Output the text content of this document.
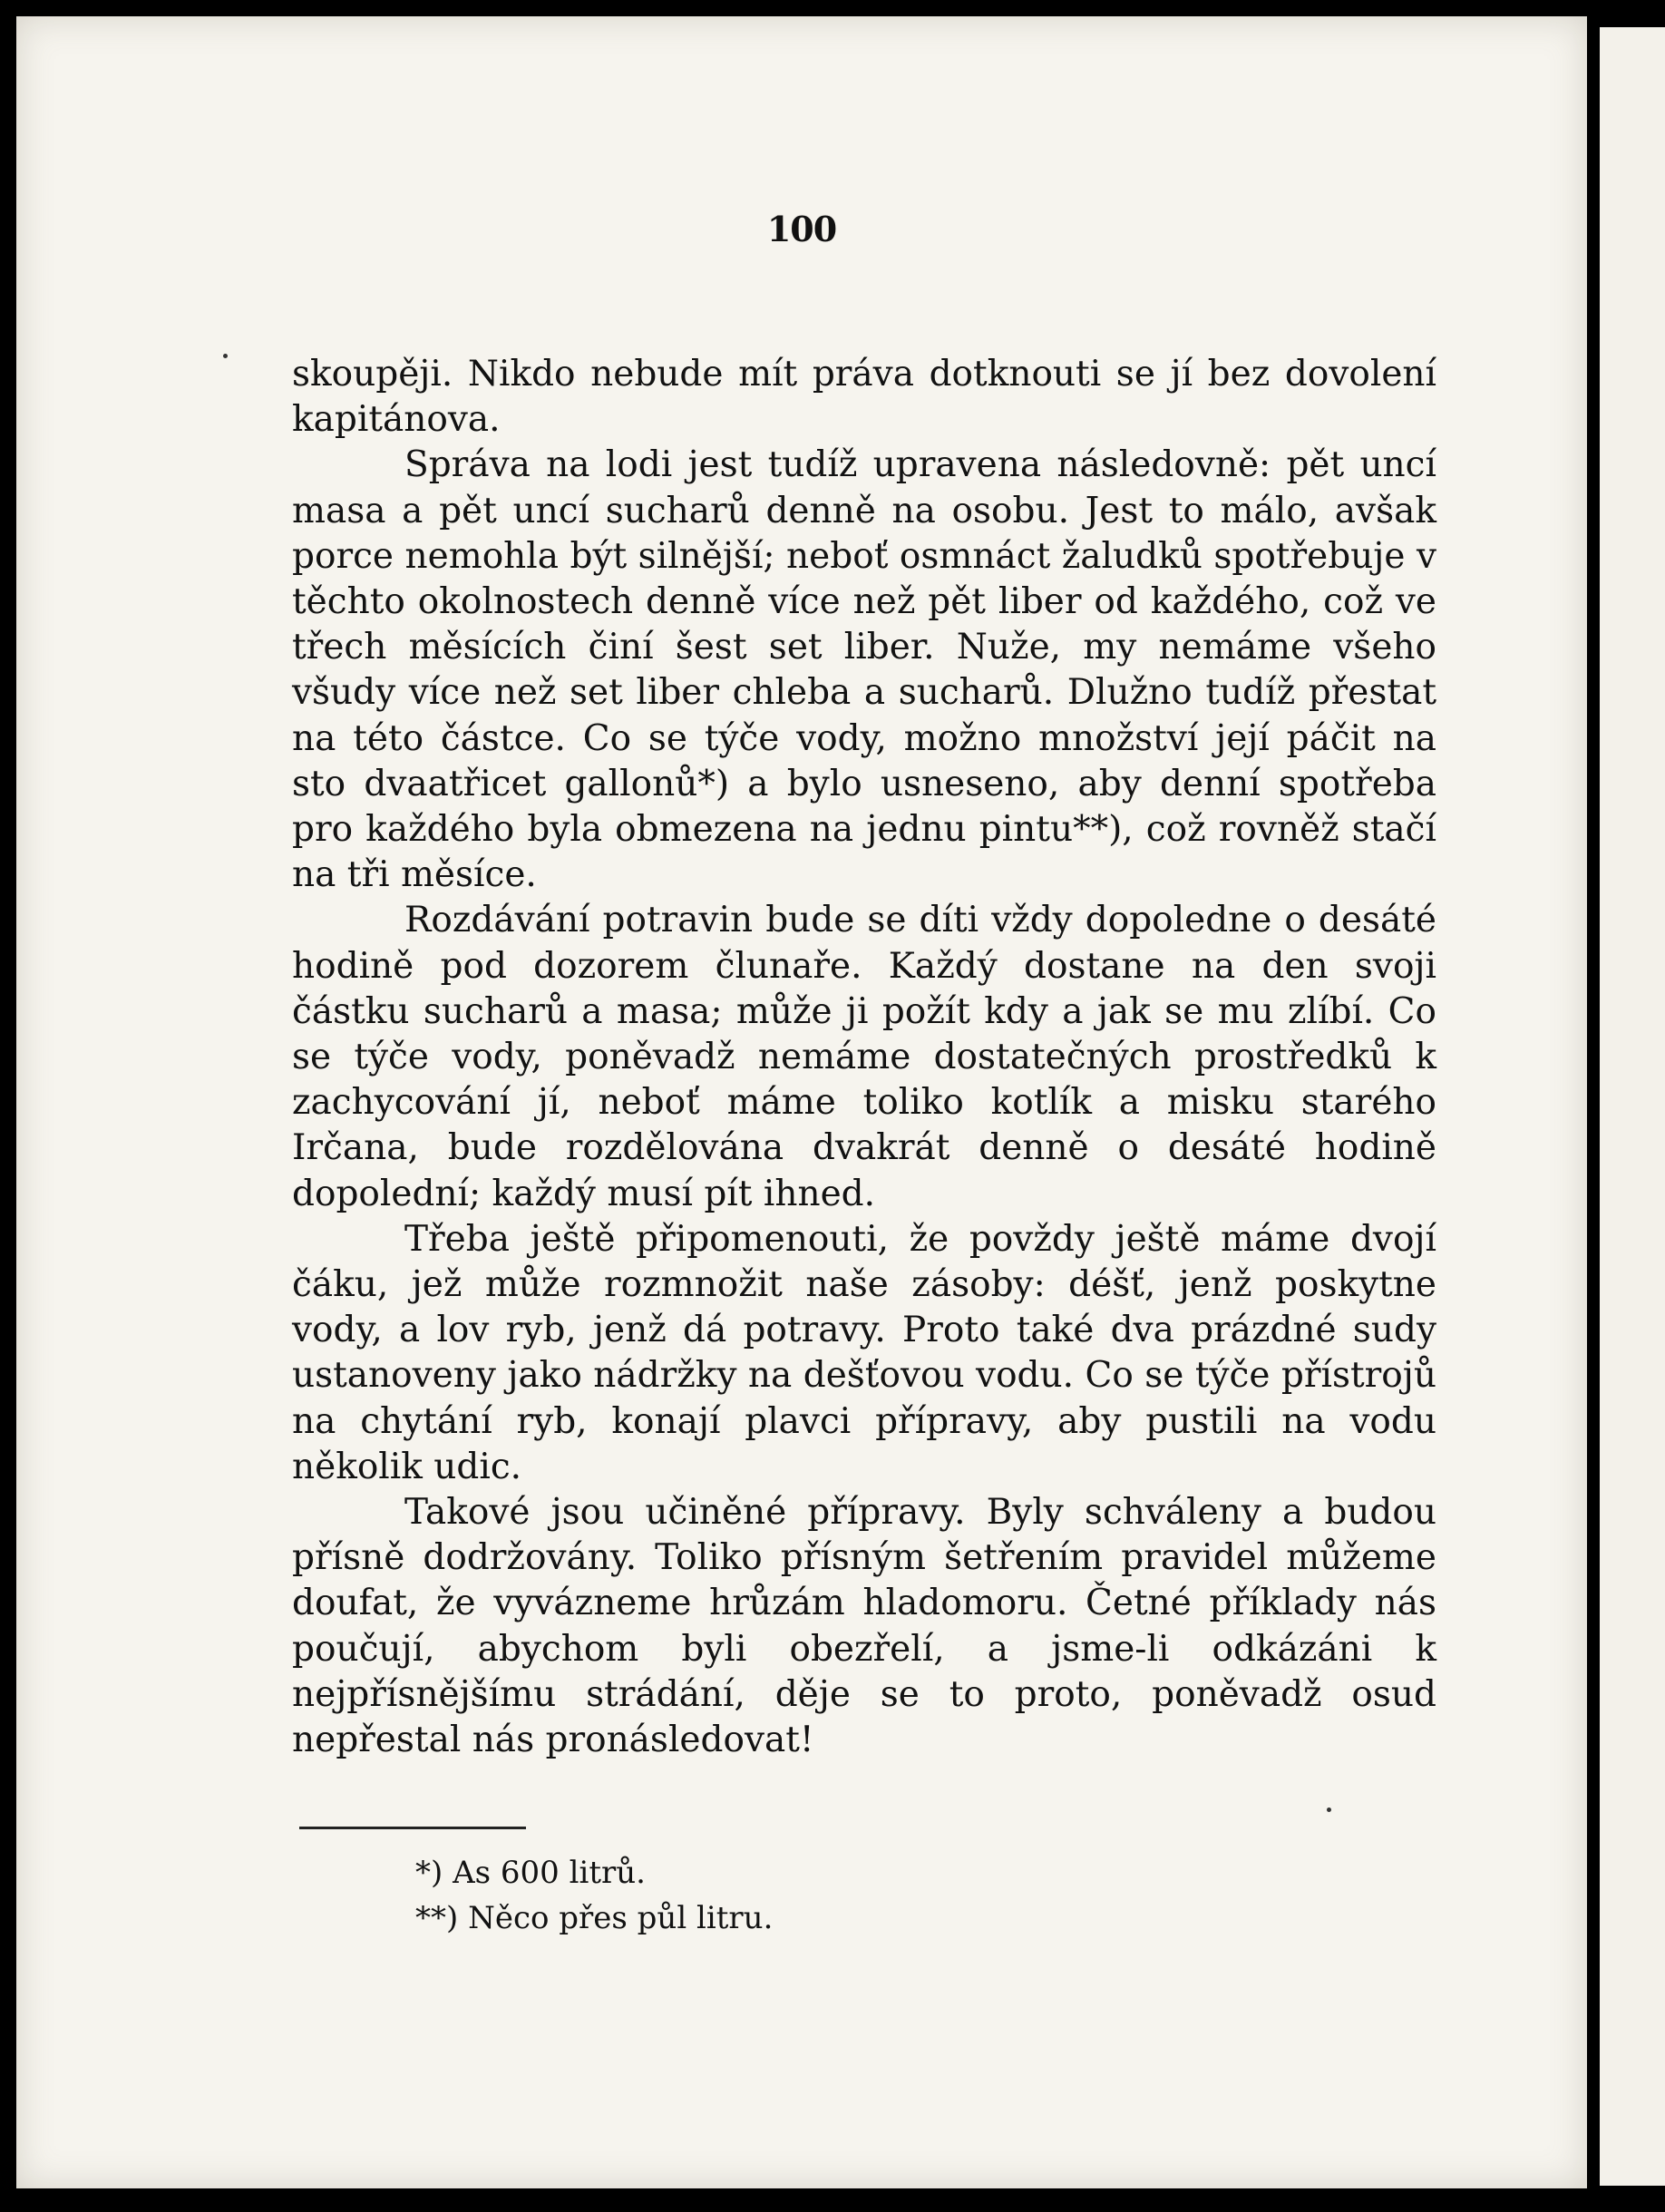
100

skoupěji. Nikdo nebude mít práva dotknouti se jí bez dovolení kapitánova.

Správa na lodi jest tudíž upravena následovně: pět uncí masa a pět uncí sucharů denně na osobu. Jest to málo, avšak porce nemohla být silnější; neboť osmnáct žaludků spotřebuje v těchto okolnostech denně více než pět liber od každého, což ve třech měsících činí šest set liber. Nuže, my nemáme všeho všudy více než set liber chleba a sucharů. Dlužno tudíž přestat na této částce. Co se týče vody, možno množství její páčit na sto dvaatřicet gallonů*) a bylo usneseno, aby denní spotřeba pro každého byla obmezena na jednu pintu**), což rovněž stačí na tři měsíce.

Rozdávání potravin bude se díti vždy dopoledne o desáté hodině pod dozorem člunaře. Každý dostane na den svoji částku sucharů a masa; může ji požít kdy a jak se mu zlíbí. Co se týče vody, poněvadž nemáme dostatečných prostředků k zachycování jí, neboť máme toliko kotlík a misku starého Irčana, bude rozdělována dvakrát denně o desáté hodině dopolední; každý musí pít ihned.

Třeba ještě připomenouti, že povždy ještě máme dvojí čáku, jež může rozmnožit naše zásoby: déšť, jenž poskytne vody, a lov ryb, jenž dá potravy. Proto také dva prázdné sudy ustanoveny jako nádržky na dešťovou vodu. Co se týče přístrojů na chytání ryb, konají plavci přípravy, aby pustili na vodu několik udic.

Takové jsou učiněné přípravy. Byly schváleny a budou přísně dodržovány. Toliko přísným šetřením pravidel můžeme doufat, že vyvázneme hrůzám hladomoru. Četné příklady nás poučují, abychom byli obezřelí, a jsme-li odkázáni k nejpřísnějšímu strádání, děje se to proto, poněvadž osud nepřestal nás pronásledovat!

*) As 600 litrů.

**) Něco přes půl litru.
